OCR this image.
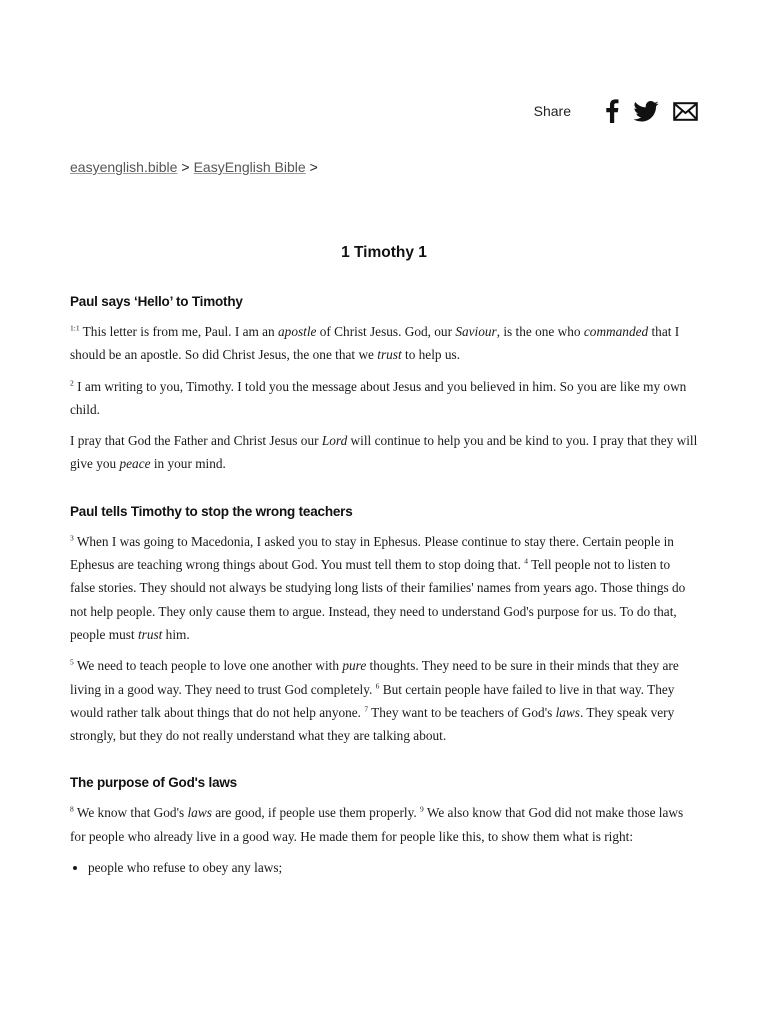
Share
easyenglish.bible > EasyEnglish Bible >
1 Timothy 1
Paul says ‘Hello’ to Timothy

$^{1:1}$ This letter is from me, Paul. I am an apostle of Christ Jesus. God, our Saviour, is the one who commanded that I should be an apostle. So did Christ Jesus, the one that we trust to help us.

$^2$ I am writing to you, Timothy. I told you the message about Jesus and you believed in him. So you are like my own child.

I pray that God the Father and Christ Jesus our Lord will continue to help you and be kind to you. I pray that they will give you peace in your mind.

Paul tells Timothy to stop the wrong teachers

$^3$ When I was going to Macedonia, I asked you to stay in Ephesus. Please continue to stay there. Certain people in Ephesus are teaching wrong things about God. You must tell them to stop doing that. $^4$ Tell people not to listen to false stories. They should not always be studying long lists of their families' names from years ago. Those things do not help people. They only cause them to argue. Instead, they need to understand God's purpose for us. To do that, people must trust him.

$^5$ We need to teach people to love one another with pure thoughts. They need to be sure in their minds that they are living in a good way. They need to trust God completely. $^6$ But certain people have failed to live in that way. They would rather talk about things that do not help anyone. $^7$ They want to be teachers of God's laws. They speak very strongly, but they do not really understand what they are talking about.

The purpose of God's laws

$^8$ We know that God's laws are good, if people use them properly. $^9$ We also know that God did not make those laws for people who already live in a good way. He made them for people like this, to show them what is right:

• people who refuse to obey any laws;
